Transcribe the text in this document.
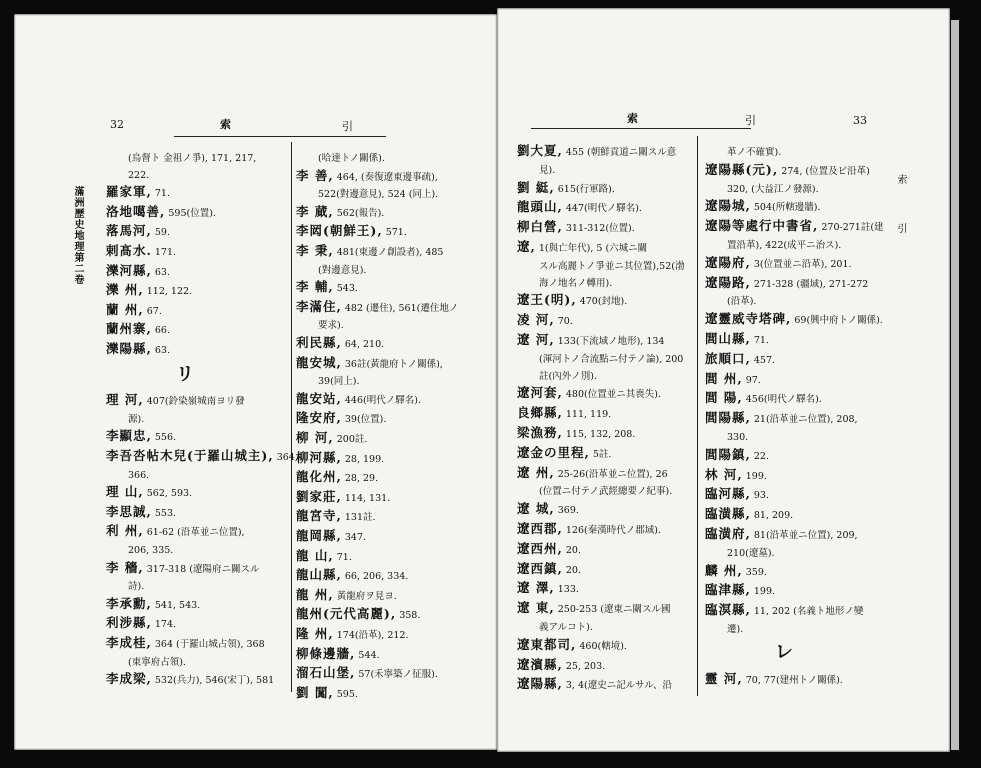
32	索	引
滿洲歷史地理第二卷
(烏督ト 金祖ノ爭), 171, 217,
222.
羅家軍, 71.
洛地噶善, 595(位置).
落馬河, 59.
剌髙水. 171.
濼河縣, 63.
濼 州, 112, 122.
蘭 州, 67.
蘭州寨, 66.
濼陽縣, 63.
リ
理 河, 407(鈴染嶺城南ヨリ發
源).
李顯忠, 556.
李吾呇帖木兒(于羅山城主), 364,
366.
理 山, 562, 593.
李思誠, 553.
利 州, 61-62 (沿革並ニ位置),
206, 335.
李 穡, 317-318 (遼陽府ニ關スル
詩).
李承勳, 541, 543.
利涉縣, 174.
李成桂, 364 (于羅山城占領), 368
(東寧府占領).
李成梁, 532(兵力), 546(宋丁), 581
(哈達トノ關係).
李 善, 464, (奏復遼東邊事疏),
522(對邊意見), 524 (同上).
李 蕆, 562(報告).
李㒺(朝鮮王), 571.
李 秉, 481(東邊ノ創設者), 485
(對邊意見).
李 輔, 543.
李滿住, 482 (遷住), 561(遷住地ノ
要求).
利民縣, 64, 210.
龍安城, 36註(黃龍府トノ關係),
39(同上).
龍安站, 446(明代ノ驛名).
隆安府, 39(位置).
柳 河, 200註.
柳河縣, 28, 199.
龍化州, 28, 29.
劉家莊, 114, 131.
龍宮寺, 131註.
龍岡縣, 347.
龍 山, 71.
龍山縣, 66, 206, 334.
龍 州, 黃龍府ヲ見ヨ.
龍州(元代高麗), 358.
隆 州, 174(沿革), 212.
柳條邊牆, 544.
溜石山堡, 57(禾寧築ノ征服).
劉 闖, 595.
索	引	33
索 引
劉大夏, 455 (朝鮮貢道ニ關スル意
見).
劉 綎, 615(行軍路).
龍頭山, 447(明代ノ驛名).
柳白營, 311-312(位置).
遼, 1(與亡年代), 5 (六城ニ關
スル高麗トノ爭並ニ其位置),52(渤
海ノ地名ノ轉用).
遼王(明), 470(封地).
凌 河, 70.
遼 河, 133(下流域ノ地形), 134
(渾河トノ合流點ニ付テノ論), 200
註(內外ノ別).
遼河套, 480(位置並ニ其喪失).
良鄉縣, 111, 119.
梁漁務, 115, 132, 208.
遼金の里程, 5註.
遼 州, 25-26(沿革並ニ位置), 26
(位置ニ付テノ武經總要ノ紀事).
遼 城, 369.
遼西郡, 126(秦漢時代ノ郡域).
遼西州, 20.
遼西鎮, 20.
遼 澤, 133.
遼 東, 250-253 (遼東ニ關スル國
義アルコト).
遼東都司, 460(轄境).
遼濱縣, 25, 203.
遼陽縣, 3, 4(遼史ニ記ルサル、沿
革ノ不確實).
遼陽縣(元), 274, (位置及ビ沿革)
320, (大益江ノ發源).
遼陽城, 504(所轄邊牆).
遼陽等處行中書省, 270-271註(建
置沿革), 422(成平ニ治ス).
遼陽府, 3(位置並ニ沿革), 201.
遼陽路, 271-328 (疆域), 271-272
(沿革).
遼靈威寺塔碑, 69(興中府トノ關係).
閭山縣, 71.
旅順口, 457.
閭 州, 97.
閭 陽, 456(明代ノ驛名).
閭陽縣, 21(沿革並ニ位置), 208,
330.
閭陽鎮, 22.
林 河, 199.
臨河縣, 93.
臨潢縣, 81, 209.
臨潢府, 81(沿革並ニ位置), 209,
210(遼墓).
麟 州, 359.
臨津縣, 199.
臨溟縣, 11, 202 (名義ト地形ノ變
遷).
レ
靈 河, 70, 77(建州トノ關係).
